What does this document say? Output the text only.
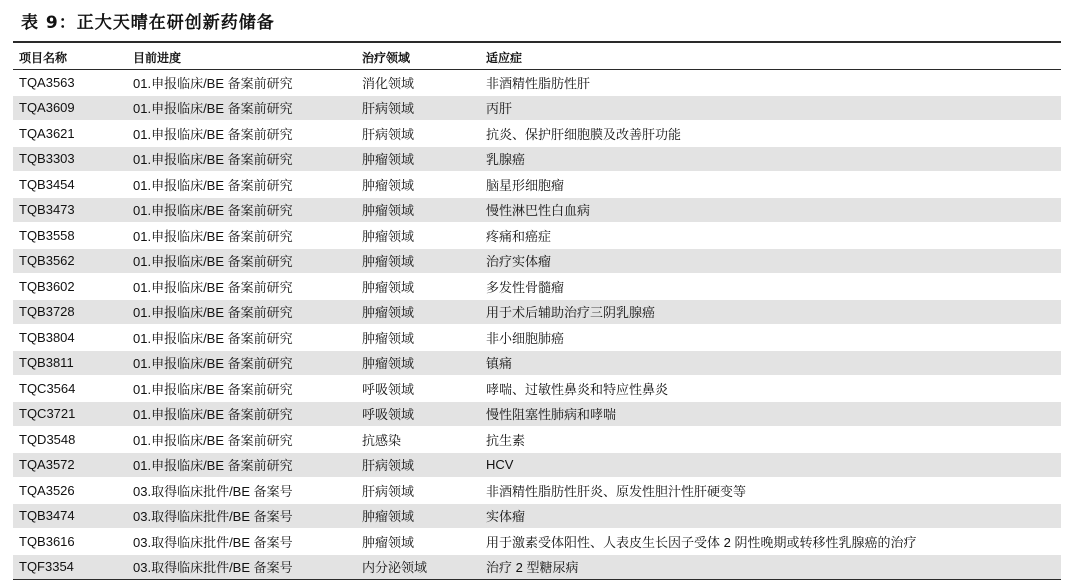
表 9：正大天晴在研创新药储备
项目名称	目前进度	治疗领域	适应症
TQA3563	01.申报临床/BE 备案前研究	消化领域	非酒精性脂肪性肝
TQA3609	01.申报临床/BE 备案前研究	肝病领域	丙肝
TQA3621	01.申报临床/BE 备案前研究	肝病领域	抗炎、保护肝细胞膜及改善肝功能
TQB3303	01.申报临床/BE 备案前研究	肿瘤领域	乳腺癌
TQB3454	01.申报临床/BE 备案前研究	肿瘤领域	脑星形细胞瘤
TQB3473	01.申报临床/BE 备案前研究	肿瘤领域	慢性淋巴性白血病
TQB3558	01.申报临床/BE 备案前研究	肿瘤领域	疼痛和癌症
TQB3562	01.申报临床/BE 备案前研究	肿瘤领域	治疗实体瘤
TQB3602	01.申报临床/BE 备案前研究	肿瘤领域	多发性骨髓瘤
TQB3728	01.申报临床/BE 备案前研究	肿瘤领域	用于术后辅助治疗三阴乳腺癌
TQB3804	01.申报临床/BE 备案前研究	肿瘤领域	非小细胞肺癌
TQB3811	01.申报临床/BE 备案前研究	肿瘤领域	镇痛
TQC3564	01.申报临床/BE 备案前研究	呼吸领域	哮喘、过敏性鼻炎和特应性鼻炎
TQC3721	01.申报临床/BE 备案前研究	呼吸领域	慢性阻塞性肺病和哮喘
TQD3548	01.申报临床/BE 备案前研究	抗感染	抗生素
TQA3572	01.申报临床/BE 备案前研究	肝病领域	HCV
TQA3526	03.取得临床批件/BE 备案号	肝病领域	非酒精性脂肪性肝炎、原发性胆汁性肝硬变等
TQB3474	03.取得临床批件/BE 备案号	肿瘤领域	实体瘤
TQB3616	03.取得临床批件/BE 备案号	肿瘤领域	用于激素受体阳性、人表皮生长因子受体 2 阴性晚期或转移性乳腺癌的治疗
TQF3354	03.取得临床批件/BE 备案号	内分泌领域	治疗 2 型糖尿病
